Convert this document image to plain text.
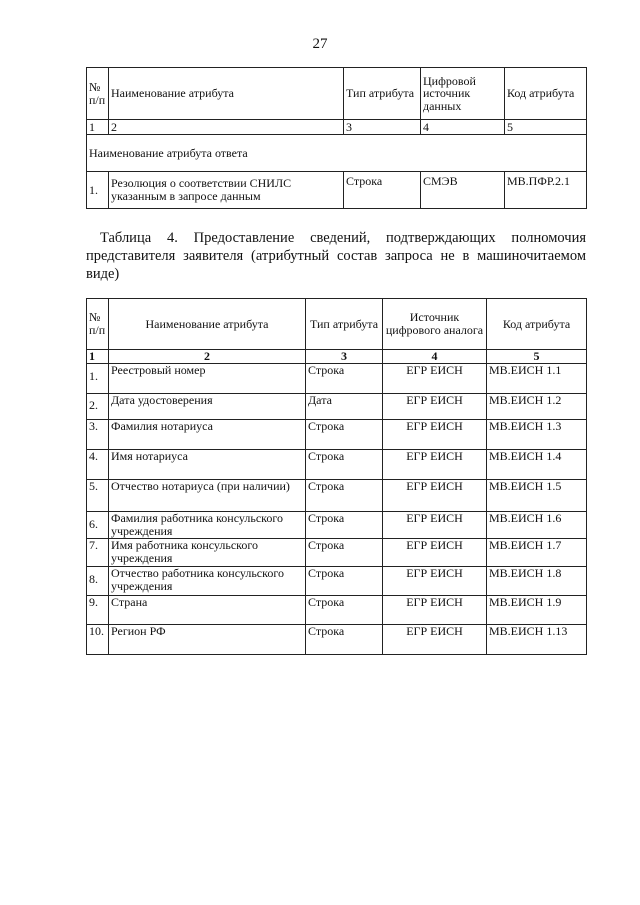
27
№ п/п	Наименование атрибута	Тип атрибута	Цифровой источник данных	Код атрибута
1	2	3	4	5
Наименование атрибута ответа				
1.	Резолюция о соответствии СНИЛС указанным в запросе данным	Строка	СМЭВ	МВ.ПФР.2.1
Таблица 4. Предоставление сведений, подтверждающих полномочия представителя заявителя (атрибутный состав запроса не в машиночитаемом виде)
№ п/п	Наименование атрибута	Тип атрибута	Источник цифрового аналога	Код атрибута
1	2	3	4	5
1.	Реестровый номер	Строка	ЕГР ЕИСН	МВ.ЕИСН 1.1
2.	Дата удостоверения	Дата	ЕГР ЕИСН	МВ.ЕИСН 1.2
3.	Фамилия нотариуса	Строка	ЕГР ЕИСН	МВ.ЕИСН 1.3
4.	Имя нотариуса	Строка	ЕГР ЕИСН	МВ.ЕИСН 1.4
5.	Отчество нотариуса (при наличии)	Строка	ЕГР ЕИСН	МВ.ЕИСН 1.5
6.	Фамилия работника консульского учреждения	Строка	ЕГР ЕИСН	МВ.ЕИСН 1.6
7.	Имя работника консульского учреждения	Строка	ЕГР ЕИСН	МВ.ЕИСН 1.7
8.	Отчество работника консульского учреждения	Строка	ЕГР ЕИСН	МВ.ЕИСН 1.8
9.	Страна	Строка	ЕГР ЕИСН	МВ.ЕИСН 1.9
10.	Регион РФ	Строка	ЕГР ЕИСН	МВ.ЕИСН 1.13
